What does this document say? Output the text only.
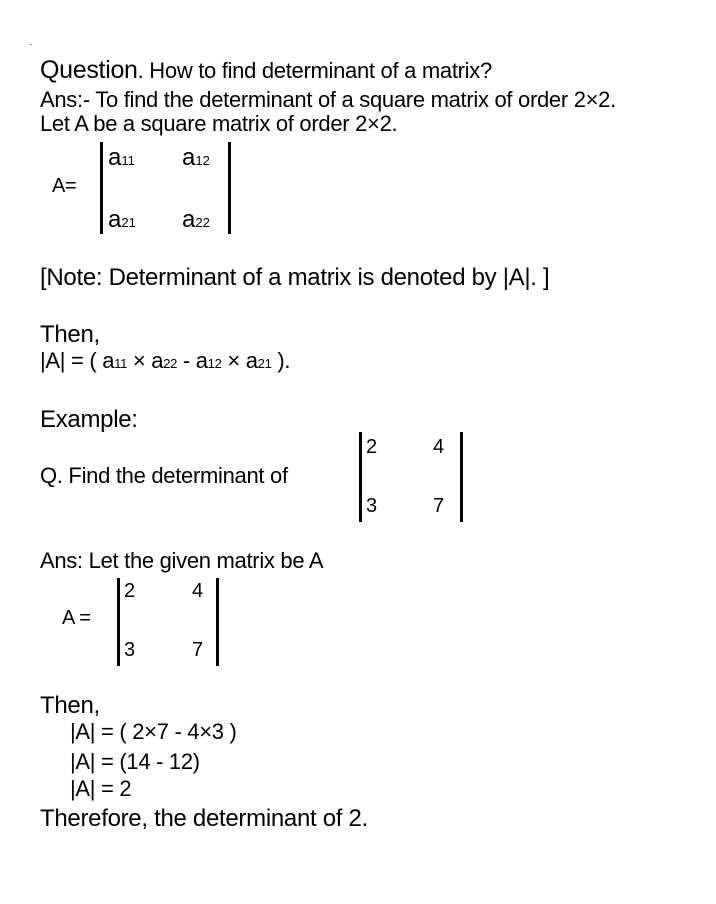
Question. How to find determinant of a matrix?
Ans:- To find the determinant of a square matrix of order 2×2.
Let A be a square matrix of order 2×2.
A=
a11 a12
a21 a22
[Note: Determinant of a matrix is denoted by |A|. ]
Then,
|A| = ( a11 × a22 - a12 × a21 ).
Example:
Q. Find the determinant of
2	4
3	7
Ans: Let the given matrix be A
A =
2	4
3	7
Then,
|A| = ( 2×7 - 4×3 )
|A| = (14 - 12)
|A| = 2
Therefore, the determinant of 2.
